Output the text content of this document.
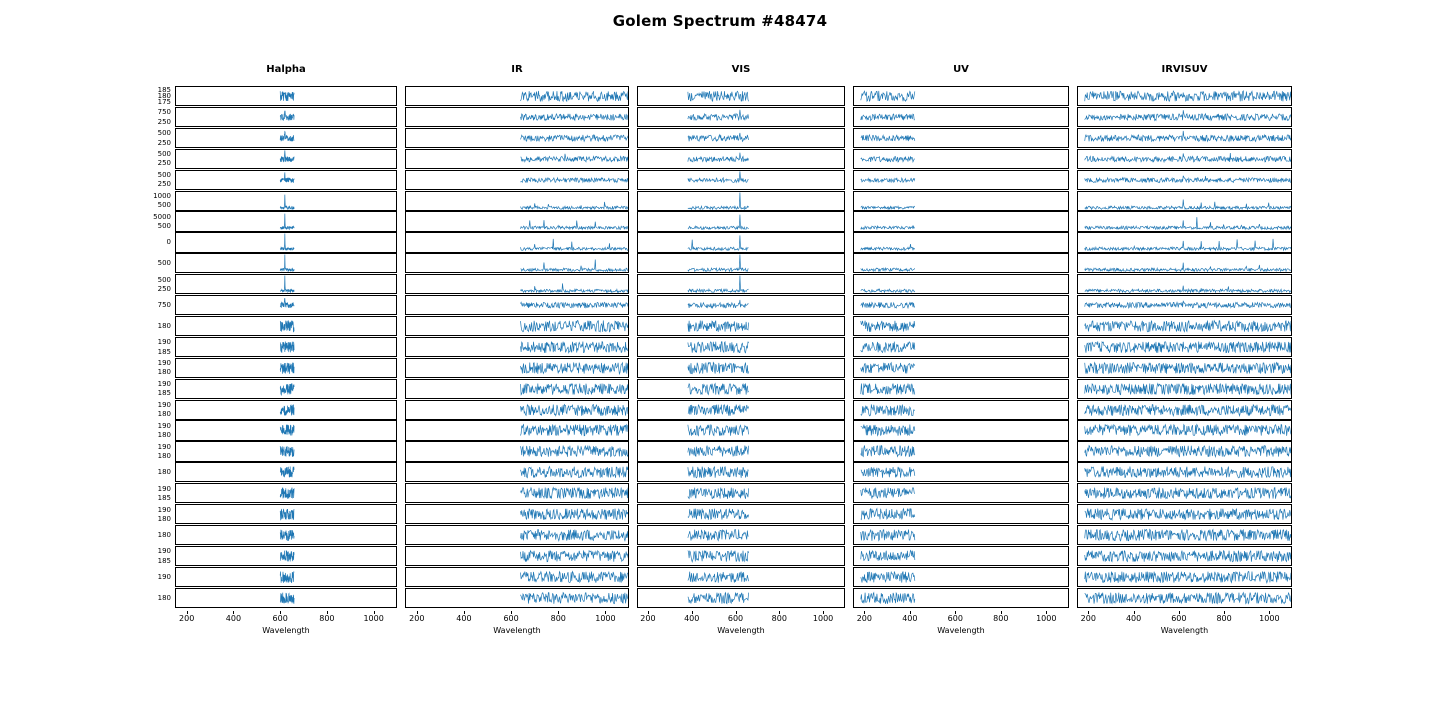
Golem Spectrum #48474
Halpha
175
180
185
250
750
250
500
250
500
250
500
500
1000
500
5000
0
500
250
500
750
180
185
190
180
190
185
190
180
190
180
190
180
190
180
185
190
180
190
180
185
190
190
180
200	400	600	800	1000
Wavelength
IR
200	400	600	800	1000
Wavelength
VIS
200	400	600	800	1000
Wavelength
UV
200	400	600	800	1000
Wavelength
IRVISUV
200	400	600	800	1000
Wavelength
